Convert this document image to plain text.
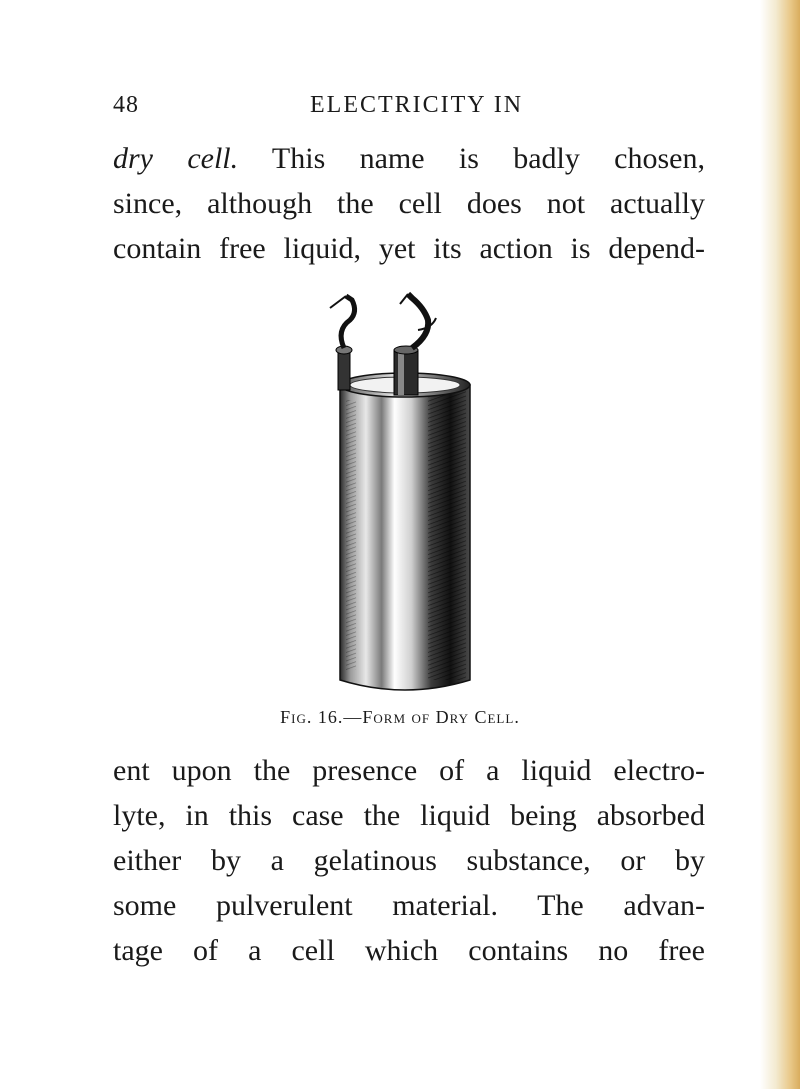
48	ELECTRICITY IN
dry cell. This name is badly chosen,
since, although the cell does not actually
contain free liquid, yet its action is depend-
Fig. 16.—Form of Dry Cell.
ent upon the presence of a liquid electro-
lyte, in this case the liquid being absorbed
either by a gelatinous substance, or by
some pulverulent material. The advan-
tage of a cell which contains no free
